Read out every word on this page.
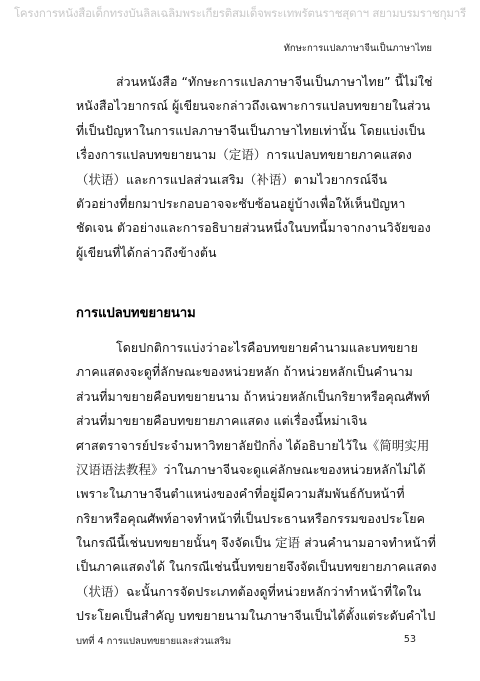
โครงการหนังสือเด็กทรงบันลิลเฉลิมพระเกียรติสมเด็จพระเทพรัตนราชสุดาฯ สยามบรมราชกุมารี
ทักษะการแปลภาษาจีนเป็นภาษาไทย
ส่วนหนังสือ “ทักษะการแปลภาษาจีนเป็นภาษาไทย” นี้ไม่ใช่
หนังสือไวยากรณ์ ผู้เขียนจะกล่าวถึงเฉพาะการแปลบทขยายในส่วน
ที่เป็นปัญหาในการแปลภาษาจีนเป็นภาษาไทยเท่านั้น โดยแบ่งเป็น
เรื่องการแปลบทขยายนาม（定语）การแปลบทขยายภาคแสดง
（状语）และการแปลส่วนเสริม（补语）ตามไวยากรณ์จีน
ตัวอย่างที่ยกมาประกอบอาจจะซับซ้อนอยู่บ้างเพื่อให้เห็นปัญหา
ชัดเจน ตัวอย่างและการอธิบายส่วนหนึ่งในบทนี้มาจากงานวิจัยของ
ผู้เขียนที่ได้กล่าวถึงข้างต้น
การแปลบทขยายนาม
โดยปกติการแบ่งว่าอะไรคือบทขยายคำนามและบทขยาย
ภาคแสดงจะดูที่ลักษณะของหน่วยหลัก ถ้าหน่วยหลักเป็นคำนาม
ส่วนที่มาขยายคือบทขยายนาม ถ้าหน่วยหลักเป็นกริยาหรือคุณศัพท์
ส่วนที่มาขยายคือบทขยายภาคแสดง แต่เรื่องนี้หม่าเจิน
ศาสตราจารย์ประจำมหาวิทยาลัยปักกิ่ง ได้อธิบายไว้ใน《简明实用
汉语语法教程》ว่าในภาษาจีนจะดูแค่ลักษณะของหน่วยหลักไม่ได้
เพราะในภาษาจีนตำแหน่งของคำที่อยู่มีความสัมพันธ์กับหน้าที่
กริยาหรือคุณศัพท์อาจทำหน้าที่เป็นประธานหรือกรรมของประโยค
ในกรณีนี้เช่นบทขยายนั้นๆ จึงจัดเป็น 定语 ส่วนคำนามอาจทำหน้าที่
เป็นภาคแสดงได้ ในกรณีเช่นนี้บทขยายจึงจัดเป็นบทขยายภาคแสดง
（状语）ฉะนั้นการจัดประเภทต้องดูที่หน่วยหลักว่าทำหน้าที่ใดใน
ประโยคเป็นสำคัญ บทขยายนามในภาษาจีนเป็นได้ตั้งแต่ระดับคำไป
บทที่ 4 การแปลบทขยายและส่วนเสริม	53
